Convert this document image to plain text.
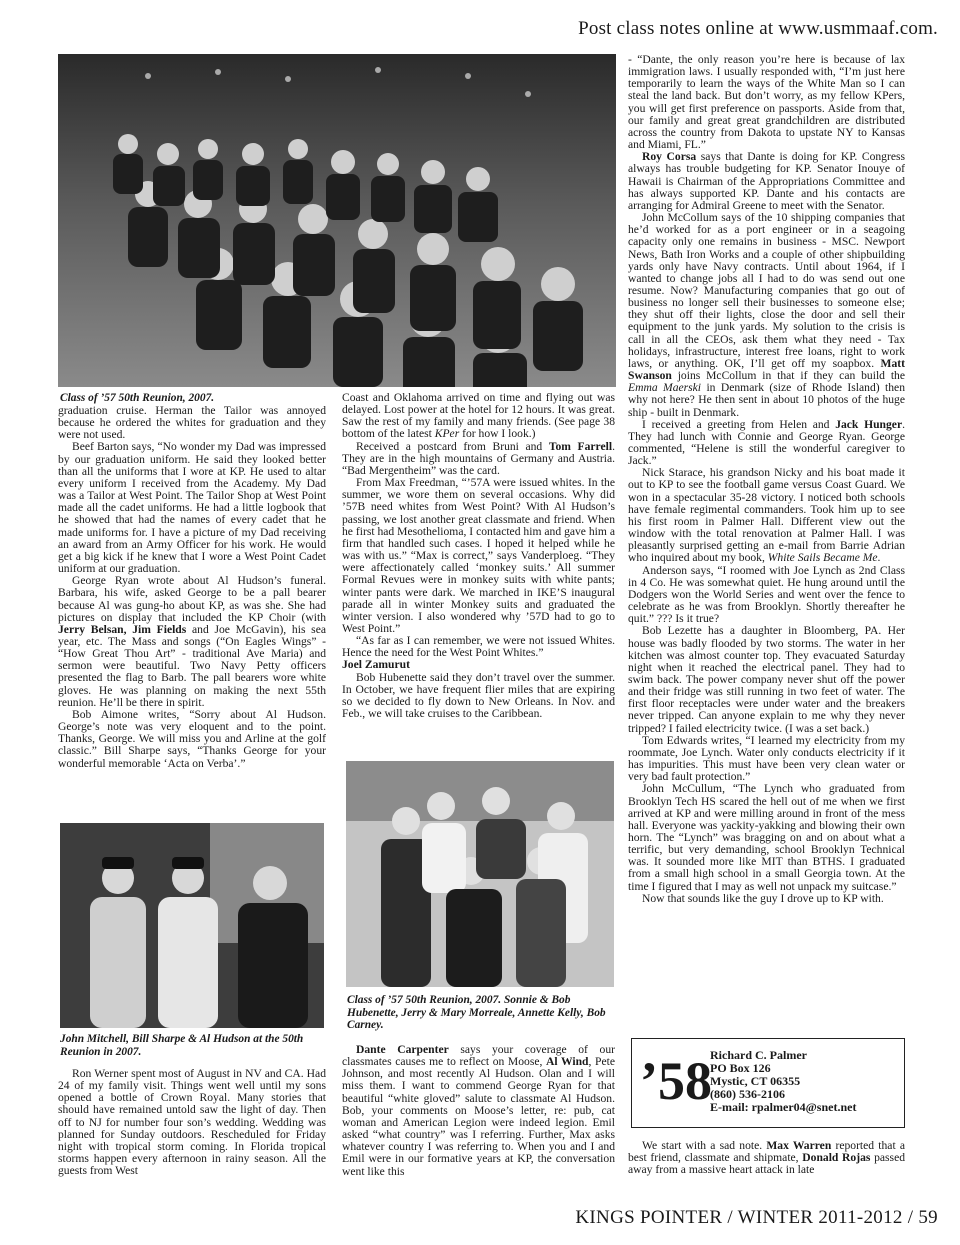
Post class notes online at www.usmmaaf.com.
Class of ’57 50th Reunion, 2007.

graduation cruise. Herman the Tailor was annoyed because he ordered the whites for graduation and they were not used.

Beef Barton says, “No wonder my Dad was impressed by our graduation uniform. He said they looked better than all the uniforms that I wore at KP. He used to altar every uniform I received from the Academy. My Dad was a Tailor at West Point. The Tailor Shop at West Point made all the cadet uniforms. He had a little logbook that he showed that had the names of every cadet that he made uniforms for. I have a picture of my Dad receiving an award from an Army Officer for his work. He would get a big kick if he knew that I wore a West Point Cadet uniform at our graduation.

George Ryan wrote about Al Hudson’s funeral. Barbara, his wife, asked George to be a pall bearer because Al was gung-ho about KP, as was she. She had pictures on display that included the KP Choir (with Jerry Belsan, Jim Fields and Joe McGavin), his sea year, etc. The Mass and songs (“On Eagles Wings” - “How Great Thou Art” - traditional Ave Maria) and sermon were beautiful. Two Navy Petty officers presented the flag to Barb. The pall bearers wore white gloves. He was planning on making the next 55th reunion. He’ll be there in spirit.

Bob Aimone writes, “Sorry about Al Hudson. George’s note was very eloquent and to the point. Thanks, George. We will miss you and Arline at the golf classic.” Bill Sharpe says, “Thanks George for your wonderful memorable ‘Acta on Verba’.”

John Mitchell, Bill Sharpe & Al Hudson at the 50th Reunion in 2007.

Ron Werner spent most of August in NV and CA. Had 24 of my family visit. Things went well until my sons opened a bottle of Crown Royal. Many stories that should have remained untold saw the light of day. Then off to NJ for number four son’s wedding. Wedding was planned for Sunday outdoors. Rescheduled for Friday night with tropical storm coming. In Florida tropical storms happen every afternoon in rainy season. All the guests from West

Coast and Oklahoma arrived on time and flying out was delayed. Lost power at the hotel for 12 hours. It was great. Saw the rest of my family and many friends. (See page 38 bottom of the latest KPer for how I look.)

Received a postcard from Bruni and Tom Farrell. They are in the high mountains of Germany and Austria. “Bad Mergentheim” was the card.

From Max Freedman, “’57A were issued whites. In the summer, we wore them on several occasions. Why did ’57B need whites from West Point? With Al Hudson’s passing, we lost another great classmate and friend. When he first had Mesothelioma, I contacted him and gave him a firm that handled such cases. I hoped it helped while he was with us.” “Max is correct,” says Vanderploeg. “They were affectionately called ‘monkey suits.’ All summer Formal Revues were in monkey suits with white pants; winter pants were dark. We marched in IKE’S inaugural parade all in winter Monkey suits and graduated the winter version. I also wondered why ’57D had to go to West Point.”

“As far as I can remember, we were not issued Whites. Hence the need for the West Point Whites.”

Joel Zamurut

Bob Hubenette said they don’t travel over the summer. In October, we have frequent flier miles that are expiring so we decided to fly down to New Orleans. In Nov. and Feb., we will take cruises to the Caribbean.

Class of ’57 50th Reunion, 2007. Sonnie & Bob Hubenette, Jerry & Mary Morreale, Annette Kelly, Bob Carney.

Dante Carpenter says your coverage of our classmates causes me to reflect on Moose, Al Wind, Pete Johnson, and most recently Al Hudson. Olan and I will miss them. I want to commend George Ryan for that beautiful “white gloved” salute to classmate Al Hudson. Bob, your comments on Moose’s letter, re: pub, cat woman and American Legion were indeed legion. Emil asked “what country” was I referring. Further, Max asks whatever country I was referring to. When you and I and Emil were in our formative years at KP, the conversation went like this

- “Dante, the only reason you’re here is because of lax immigration laws. I usually responded with, “I’m just here temporarily to learn the ways of the White Man so I can steal the land back. But don’t worry, as my fellow KPers, you will get first preference on passports. Aside from that, our family and great great grandchildren are distributed across the country from Dakota to upstate NY to Kansas and Miami, FL.”

Roy Corsa says that Dante is doing for KP. Congress always has trouble budgeting for KP. Senator Inouye of Hawaii is Chairman of the Appropriations Committee and has always supported KP. Dante and his contacts are arranging for Admiral Greene to meet with the Senator.

John McCollum says of the 10 shipping companies that he’d worked for as a port engineer or in a seagoing capacity only one remains in business - MSC. Newport News, Bath Iron Works and a couple of other shipbuilding yards only have Navy contracts. Until about 1964, if I wanted to change jobs all I had to do was send out one resume. Now? Manufacturing companies that go out of business no longer sell their businesses to someone else; they shut off their lights, close the door and sell their equipment to the junk yards. My solution to the crisis is call in all the CEOs, ask them what they need - Tax holidays, infrastructure, interest free loans, right to work laws, or anything. OK, I’ll get off my soapbox. Matt Swanson joins McCollum in that if they can build the Emma Maerski in Denmark (size of Rhode Island) then why not here? He then sent in about 10 photos of the huge ship - built in Denmark.

I received a greeting from Helen and Jack Hunger. They had lunch with Connie and George Ryan. George commented, “Helene is still the wonderful caregiver to Jack.”

Nick Starace, his grandson Nicky and his boat made it out to KP to see the football game versus Coast Guard. We won in a spectacular 35-28 victory. I noticed both schools have female regimental commanders. Took him up to see his first room in Palmer Hall. Different view out the window with the total renovation at Palmer Hall. I was pleasantly surprised getting an e-mail from Barrie Adrian who inquired about my book, White Sails Became Me.

Anderson says, “I roomed with Joe Lynch as 2nd Class in 4 Co. He was somewhat quiet. He hung around until the Dodgers won the World Series and went over the fence to celebrate as he was from Brooklyn. Shortly thereafter he quit.” ??? Is it true?

Bob Lezette has a daughter in Bloomberg, PA. Her house was badly flooded by two storms. The water in her kitchen was almost counter top. They evacuated Saturday night when it reached the electrical panel. They had to swim back. The power company never shut off the power and their fridge was still running in two feet of water. The first floor receptacles were under water and the breakers never tripped. Can anyone explain to me why they never tripped? I failed electricity twice. (I was a set back.)

Tom Edwards writes, “I learned my electricity from my roommate, Joe Lynch. Water only conducts electricity if it has impurities. This must have been very clean water or very bad fault protection.”

John McCullum, “The Lynch who graduated from Brooklyn Tech HS scared the hell out of me when we first arrived at KP and were milling around in front of the mess hall. Everyone was yackity-yakking and blowing their own horn. The “Lynch” was bragging on and on about what a terrific, but very demanding, school Brooklyn Technical was. It sounded more like MIT than BTHS. I graduated from a small high school in a small Georgia town. At the time I figured that I may as well not unpack my suitcase.”

Now that sounds like the guy I drove up to KP with.

’58
Richard C. Palmer
PO Box 126
Mystic, CT 06355
(860) 536-2106
E-mail: rpalmer04@snet.net

We start with a sad note. Max Warren reported that a best friend, classmate and shipmate, Donald Rojas passed away from a massive heart attack in late

KINGS POINTER / WINTER 2011-2012 / 59
